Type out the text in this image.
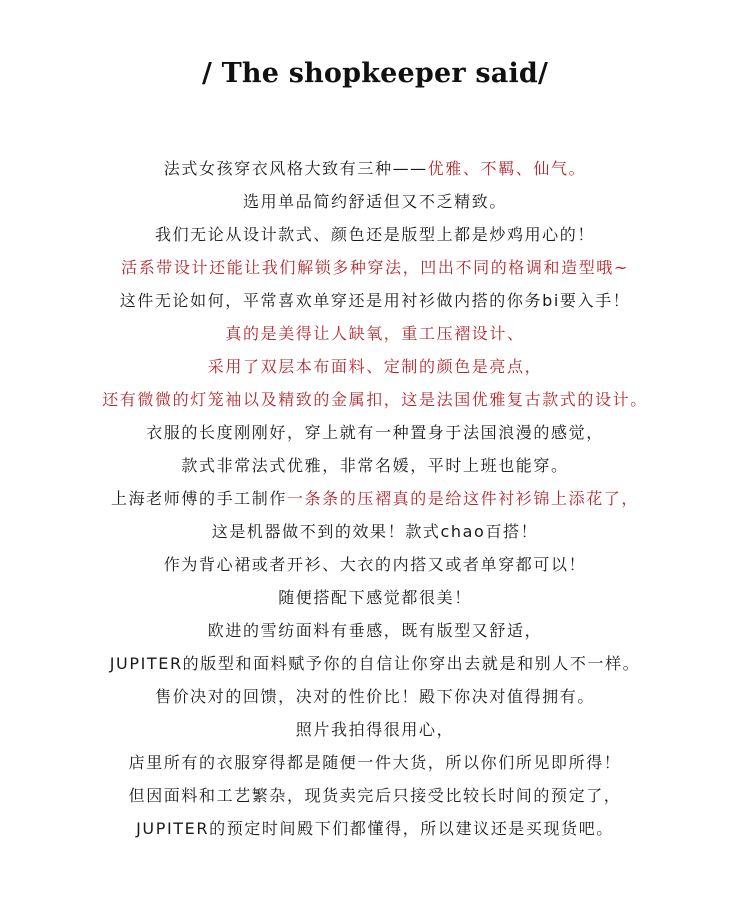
/ The shopkeeper said/
法式女孩穿衣风格大致有三种——优雅、不羁、仙气。
选用单品简约舒适但又不乏精致。
我们无论从设计款式、颜色还是版型上都是炒鸡用心的！
活系带设计还能让我们解锁多种穿法，凹出不同的格调和造型哦~
这件无论如何，平常喜欢单穿还是用衬衫做内搭的你务bi要入手！
真的是美得让人缺氧，重工压褶设计、
采用了双层本布面料、定制的颜色是亮点，
还有微微的灯笼袖以及精致的金属扣，这是法国优雅复古款式的设计。
衣服的长度刚刚好，穿上就有一种置身于法国浪漫的感觉，
款式非常法式优雅，非常名媛，平时上班也能穿。
上海老师傅的手工制作一条条的压褶真的是给这件衬衫锦上添花了，
这是机器做不到的效果！款式chao百搭！
作为背心裙或者开衫、大衣的内搭又或者单穿都可以！
随便搭配下感觉都很美！
欧进的雪纺面料有垂感，既有版型又舒适，
JUPITER的版型和面料赋予你的自信让你穿出去就是和别人不一样。
售价决对的回馈，决对的性价比！殿下你决对值得拥有。
照片我拍得很用心，
店里所有的衣服穿得都是随便一件大货，所以你们所见即所得！
但因面料和工艺繁杂，现货卖完后只接受比较长时间的预定了，
JUPITER的预定时间殿下们都懂得，所以建议还是买现货吧。
